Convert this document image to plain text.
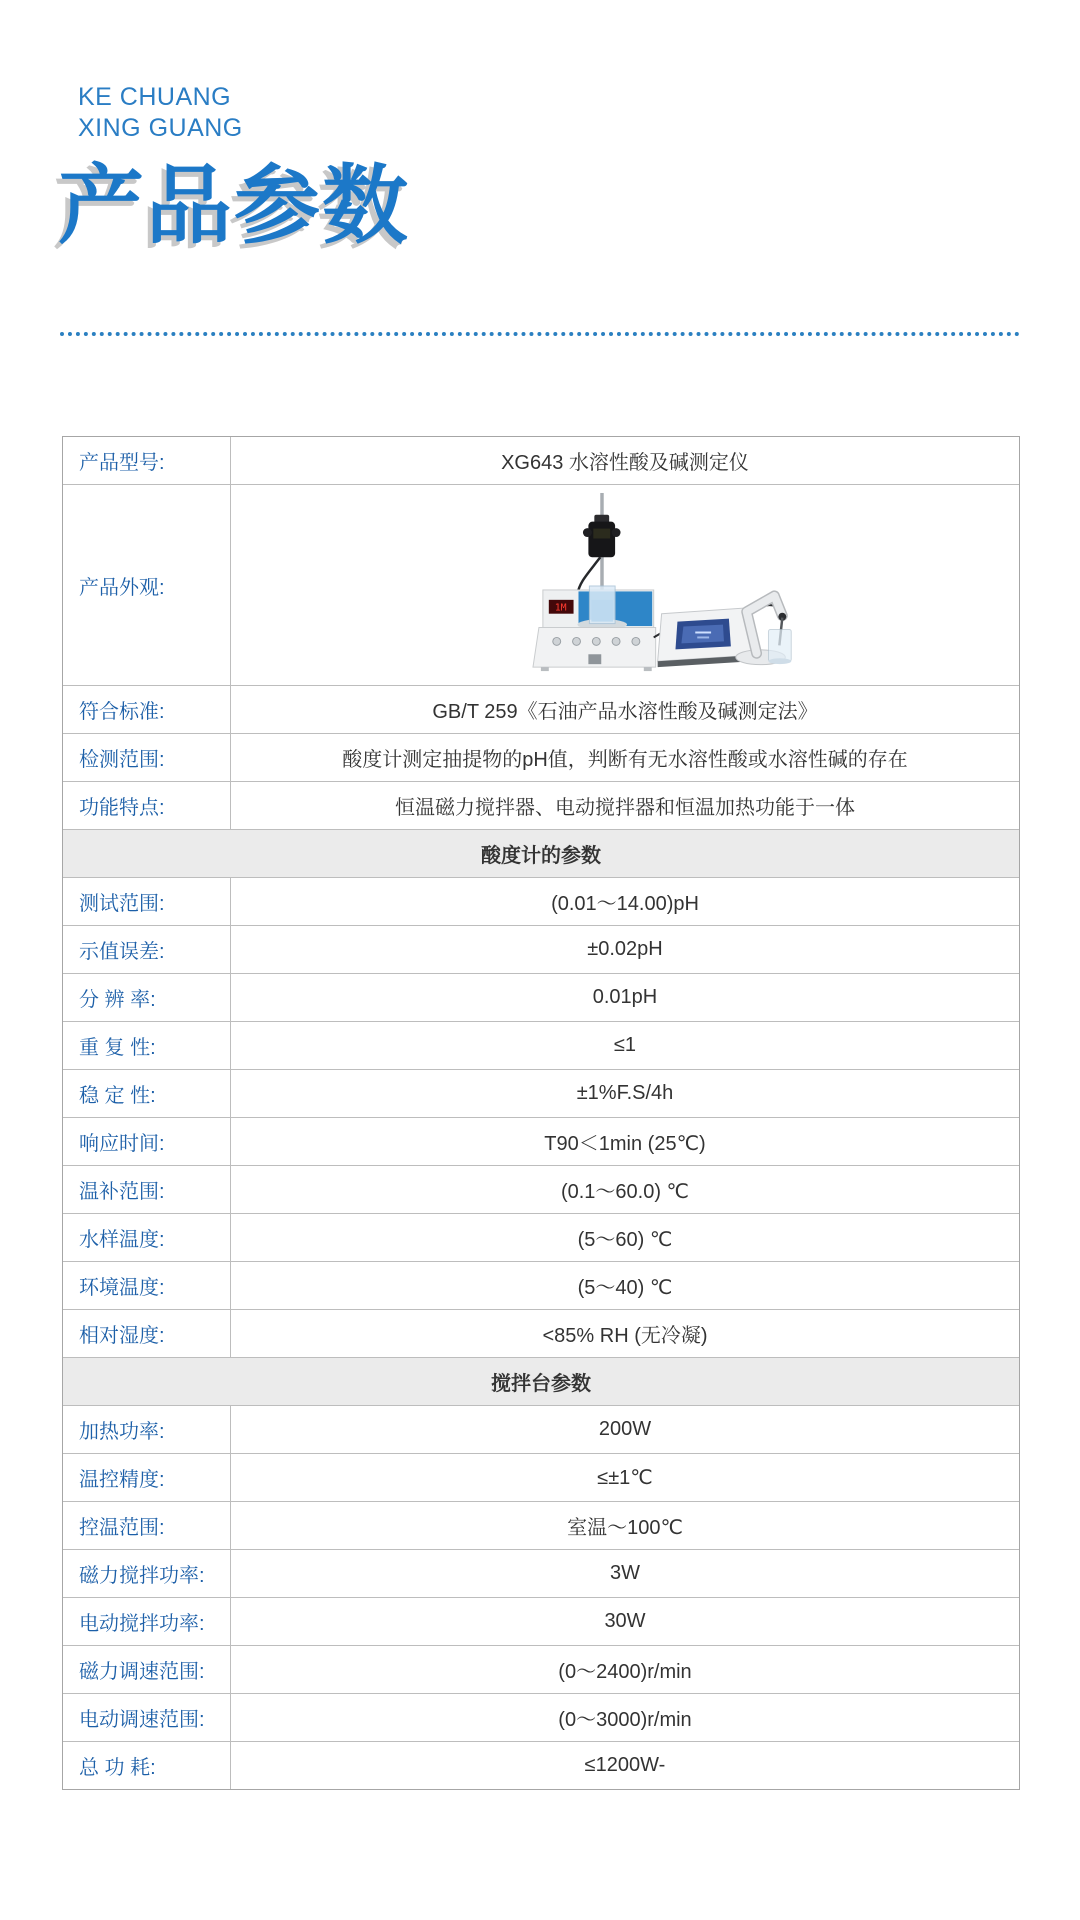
KE CHUANG
XING GUANG
产品参数
产品型号:	XG643 水溶性酸及碱测定仪
产品外观:
1M
符合标准:	GB/T 259《石油产品水溶性酸及碱测定法》
检测范围:	酸度计测定抽提物的pH值，判断有无水溶性酸或水溶性碱的存在
功能特点:	恒温磁力搅拌器、电动搅拌器和恒温加热功能于一体
酸度计的参数
测试范围:	(0.01～14.00)pH
示值误差:	±0.02pH
分 辨 率:	0.01pH
重 复 性:	≤1
稳 定 性:	±1%F.S/4h
响应时间:	T90＜1min (25℃)
温补范围:	(0.1～60.0) ℃
水样温度:	(5～60) ℃
环境温度:	(5～40) ℃
相对湿度:	<85% RH (无冷凝)
搅拌台参数
加热功率:	200W
温控精度:	≤±1℃
控温范围:	室温～100℃
磁力搅拌功率:	3W
电动搅拌功率:	30W
磁力调速范围:	(0～2400)r/min
电动调速范围:	(0～3000)r/min
总 功 耗:	≤1200W-
